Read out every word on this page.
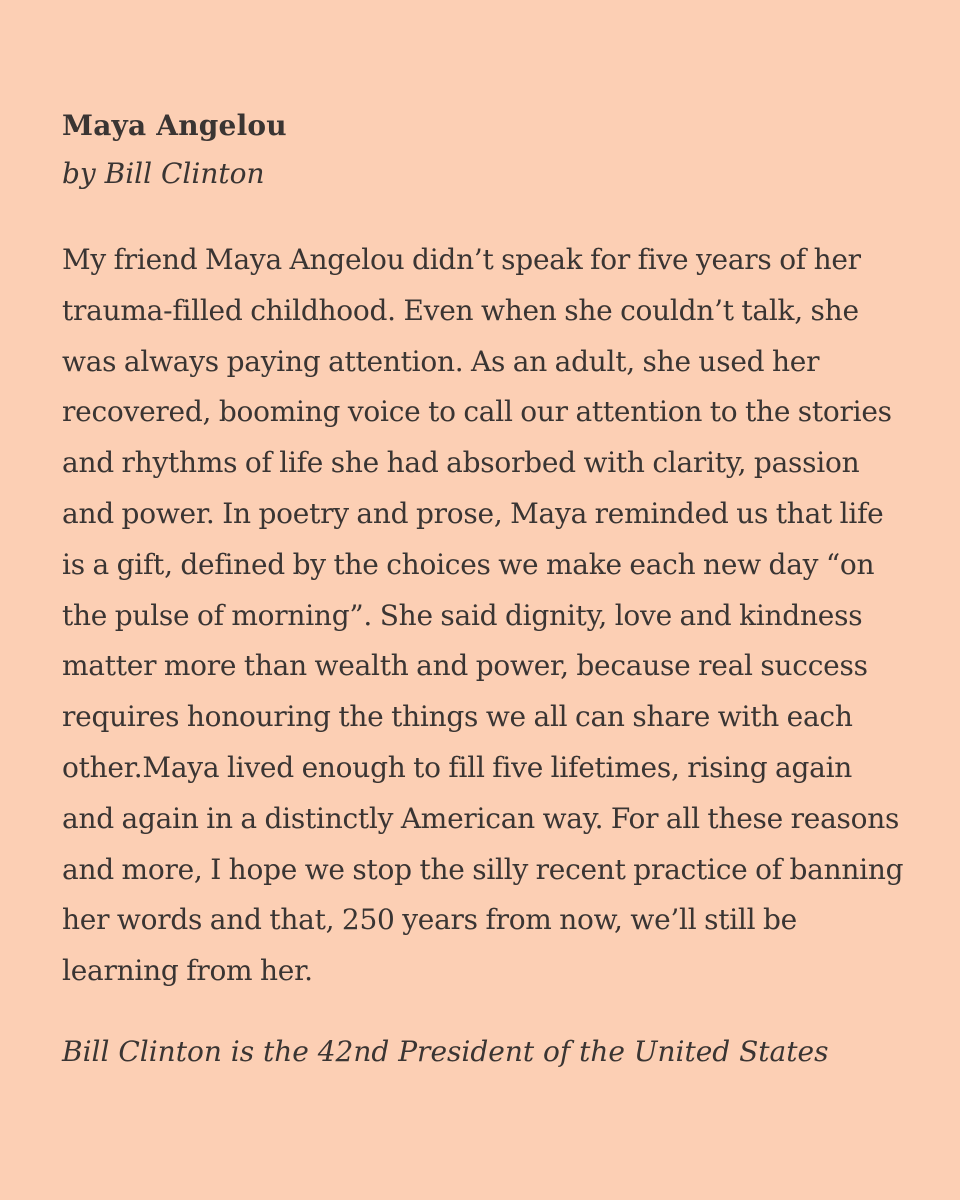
Maya Angelou

by Bill Clinton

My friend Maya Angelou didn’t speak for five years of her
trauma-filled childhood. Even when she couldn’t talk, she
was always paying attention. As an adult, she used her
recovered, booming voice to call our attention to the stories
and rhythms of life she had absorbed with clarity, passion
and power. In poetry and prose, Maya reminded us that life
is a gift, defined by the choices we make each new day “on
the pulse of morning”. She said dignity, love and kindness
matter more than wealth and power, because real success
requires honouring the things we all can share with each
other.Maya lived enough to fill five lifetimes, rising again
and again in a distinctly American way. For all these reasons
and more, I hope we stop the silly recent practice of banning
her words and that, 250 years from now, we’ll still be
learning from her.

Bill Clinton is the 42nd President of the United States
